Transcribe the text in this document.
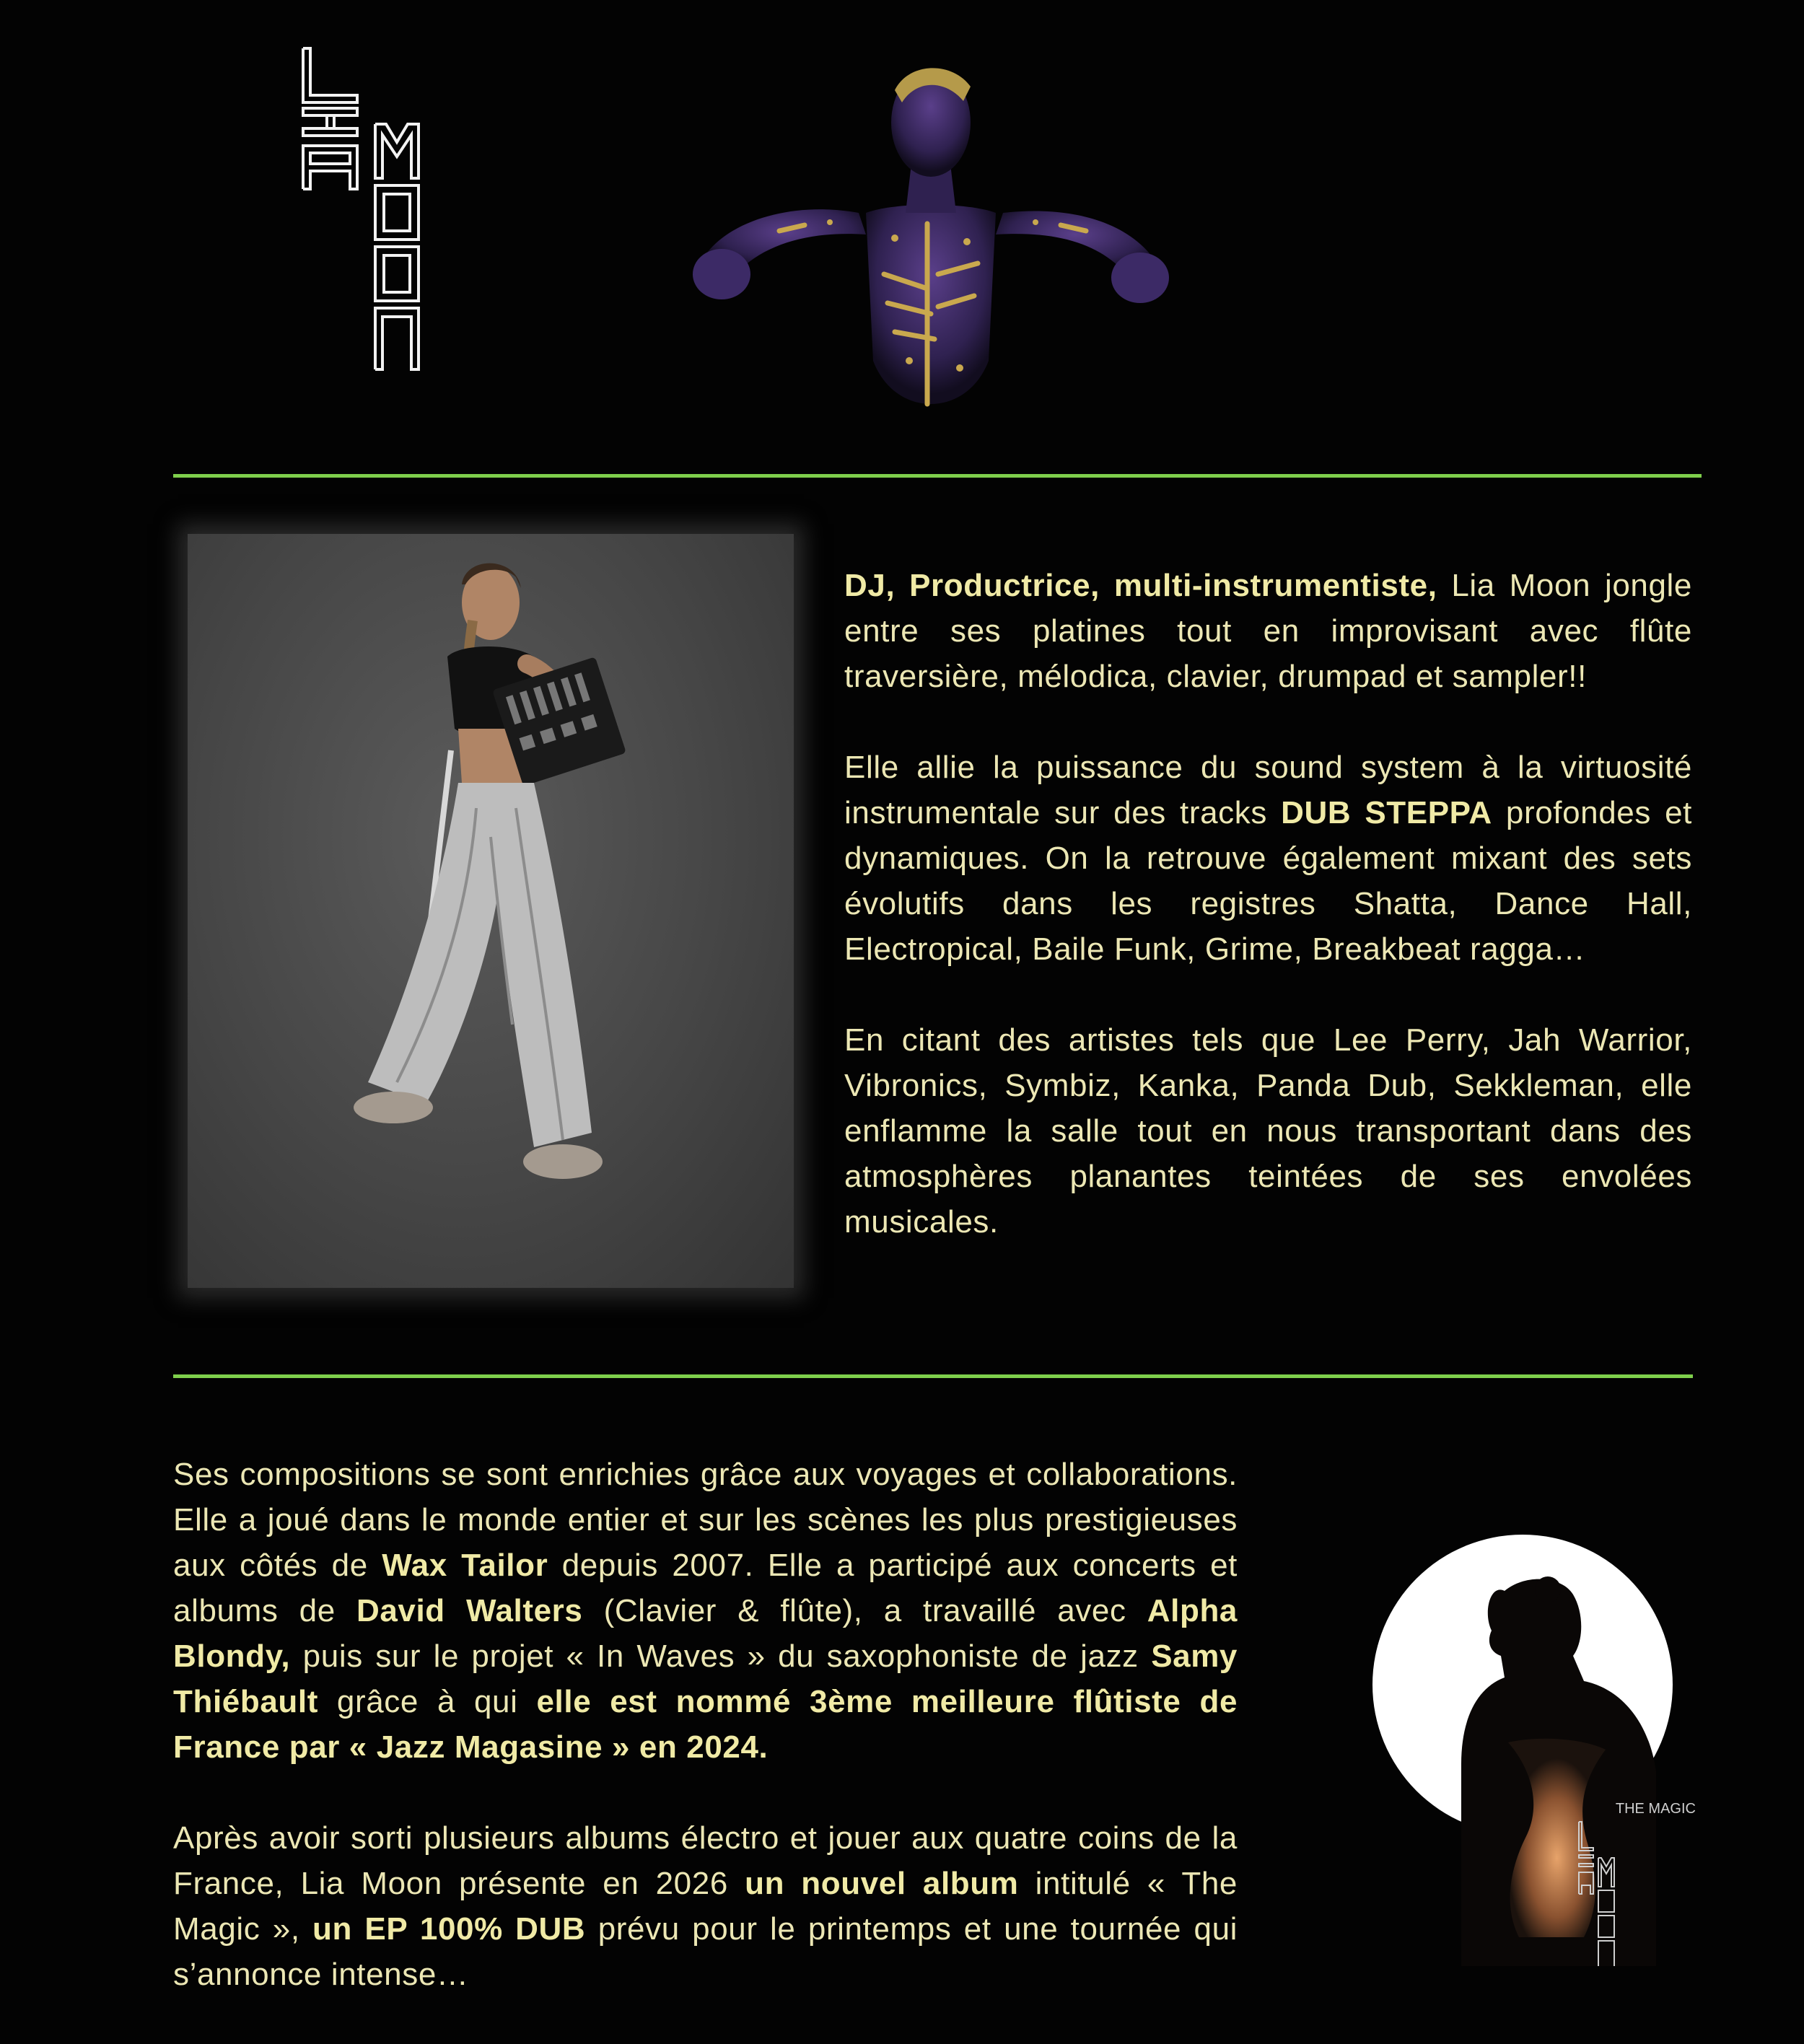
DJ, Productrice, multi-instrumentiste, Lia Moon jongle entre ses platines tout en improvisant avec flûte traversière, mélodica, clavier, drumpad et sampler!!

Elle allie la puissance du sound system à la virtuosité instrumentale sur des tracks DUB STEPPA profondes et dynamiques. On la retrouve également mixant des sets évolutifs dans les registres Shatta, Dance Hall, Electropical, Baile Funk, Grime, Breakbeat ragga…

En citant des artistes tels que Lee Perry, Jah Warrior, Vibronics, Symbiz, Kanka, Panda Dub, Sekkleman, elle enflamme la salle tout en nous transportant dans des atmosphères planantes teintées de ses envolées musicales.

Ses compositions se sont enrichies grâce aux voyages et collaborations. Elle a joué dans le monde entier et sur les scènes les plus prestigieuses aux côtés de Wax Tailor depuis 2007. Elle a participé aux concerts et albums de David Walters (Clavier & flûte), a travaillé avec Alpha Blondy, puis sur le projet « In Waves » du saxophoniste de jazz Samy Thiébault grâce à qui elle est nommé 3ème meilleure flûtiste de France par « Jazz Magasine » en 2024.

Après avoir sorti plusieurs albums électro et jouer aux quatre coins de la France, Lia Moon présente en 2026 un nouvel album intitulé « The Magic », un EP 100% DUB prévu pour le printemps et une tournée qui s’annonce intense…

THE MAGIC
